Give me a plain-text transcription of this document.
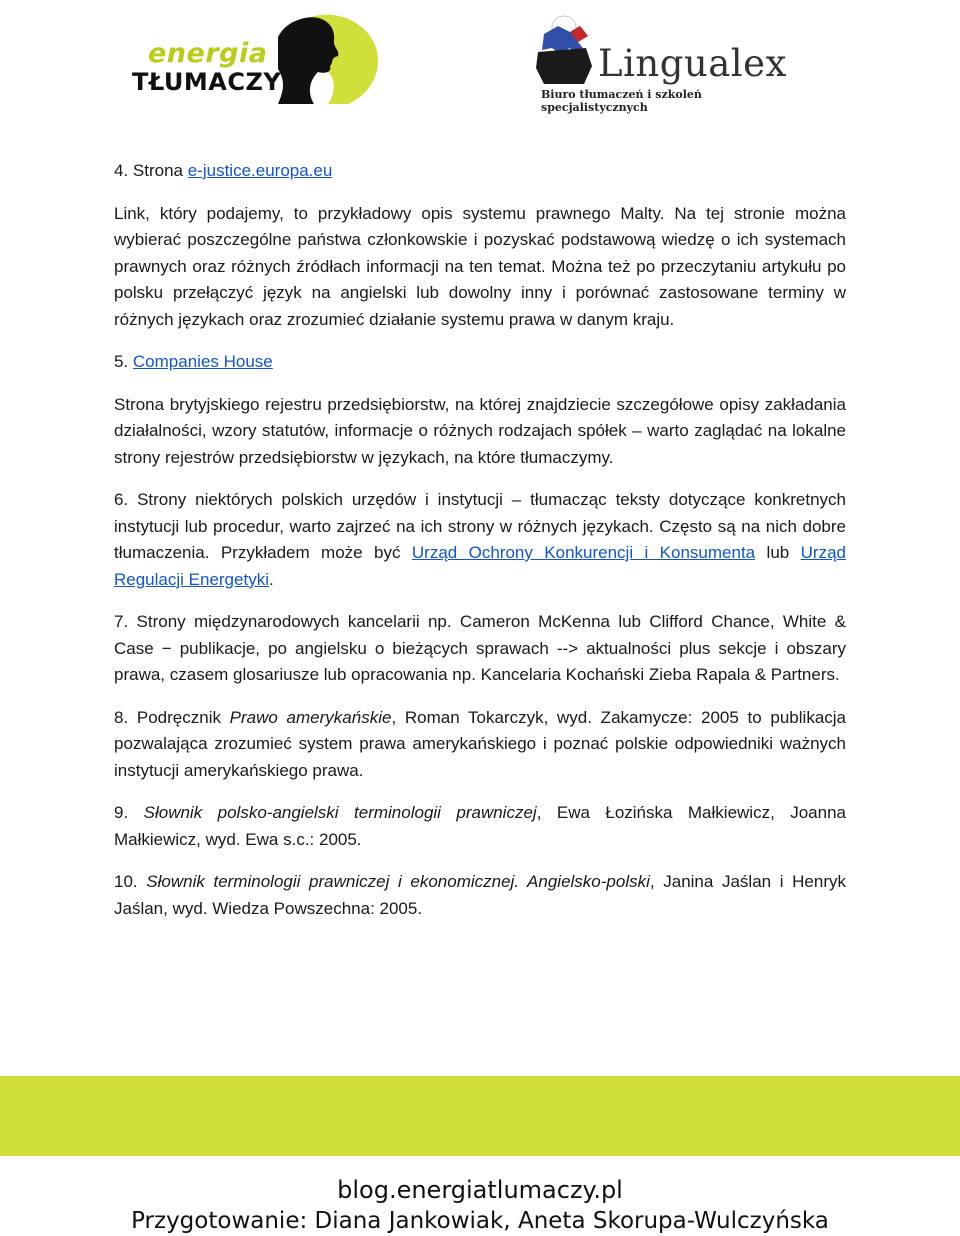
energia
TŁUMACZY	Lingualex
Biuro tłumaczeń i szkoleń specjalistycznych

4. Strona e-justice.europa.eu

Link, który podajemy, to przykładowy opis systemu prawnego Malty. Na tej stronie można wybierać poszczególne państwa członkowskie i pozyskać podstawową wiedzę o ich systemach prawnych oraz różnych źródłach informacji na ten temat. Można też po przeczytaniu artykułu po polsku przełączyć język na angielski lub dowolny inny i porównać zastosowane terminy w różnych językach oraz zrozumieć działanie systemu prawa w danym kraju.

5. Companies House

Strona brytyjskiego rejestru przedsiębiorstw, na której znajdziecie szczegółowe opisy zakładania działalności, wzory statutów, informacje o różnych rodzajach spółek – warto zaglądać na lokalne strony rejestrów przedsiębiorstw w językach, na które tłumaczymy.

6. Strony niektórych polskich urzędów i instytucji – tłumacząc teksty dotyczące konkretnych instytucji lub procedur, warto zajrzeć na ich strony w różnych językach. Często są na nich dobre tłumaczenia. Przykładem może być Urząd Ochrony Konkurencji i Konsumenta lub Urząd Regulacji Energetyki.

7. Strony międzynarodowych kancelarii np. Cameron McKenna lub Clifford Chance, White & Case − publikacje, po angielsku o bieżących sprawach --> aktualności plus sekcje i obszary prawa, czasem glosariusze lub opracowania np. Kancelaria Kochański Zieba Rapala & Partners.

8. Podręcznik Prawo amerykańskie, Roman Tokarczyk, wyd. Zakamycze: 2005 to publikacja pozwalająca zrozumieć system prawa amerykańskiego i poznać polskie odpowiedniki ważnych instytucji amerykańskiego prawa.

9. Słownik polsko-angielski terminologii prawniczej, Ewa Łozińska Małkiewicz, Joanna Małkiewicz, wyd. Ewa s.c.: 2005.

10. Słownik terminologii prawniczej i ekonomicznej. Angielsko-polski, Janina Jaślan i Henryk Jaślan, wyd. Wiedza Powszechna: 2005.

blog.energiatlumaczy.pl
Przygotowanie: Diana Jankowiak, Aneta Skorupa-Wulczyńska
